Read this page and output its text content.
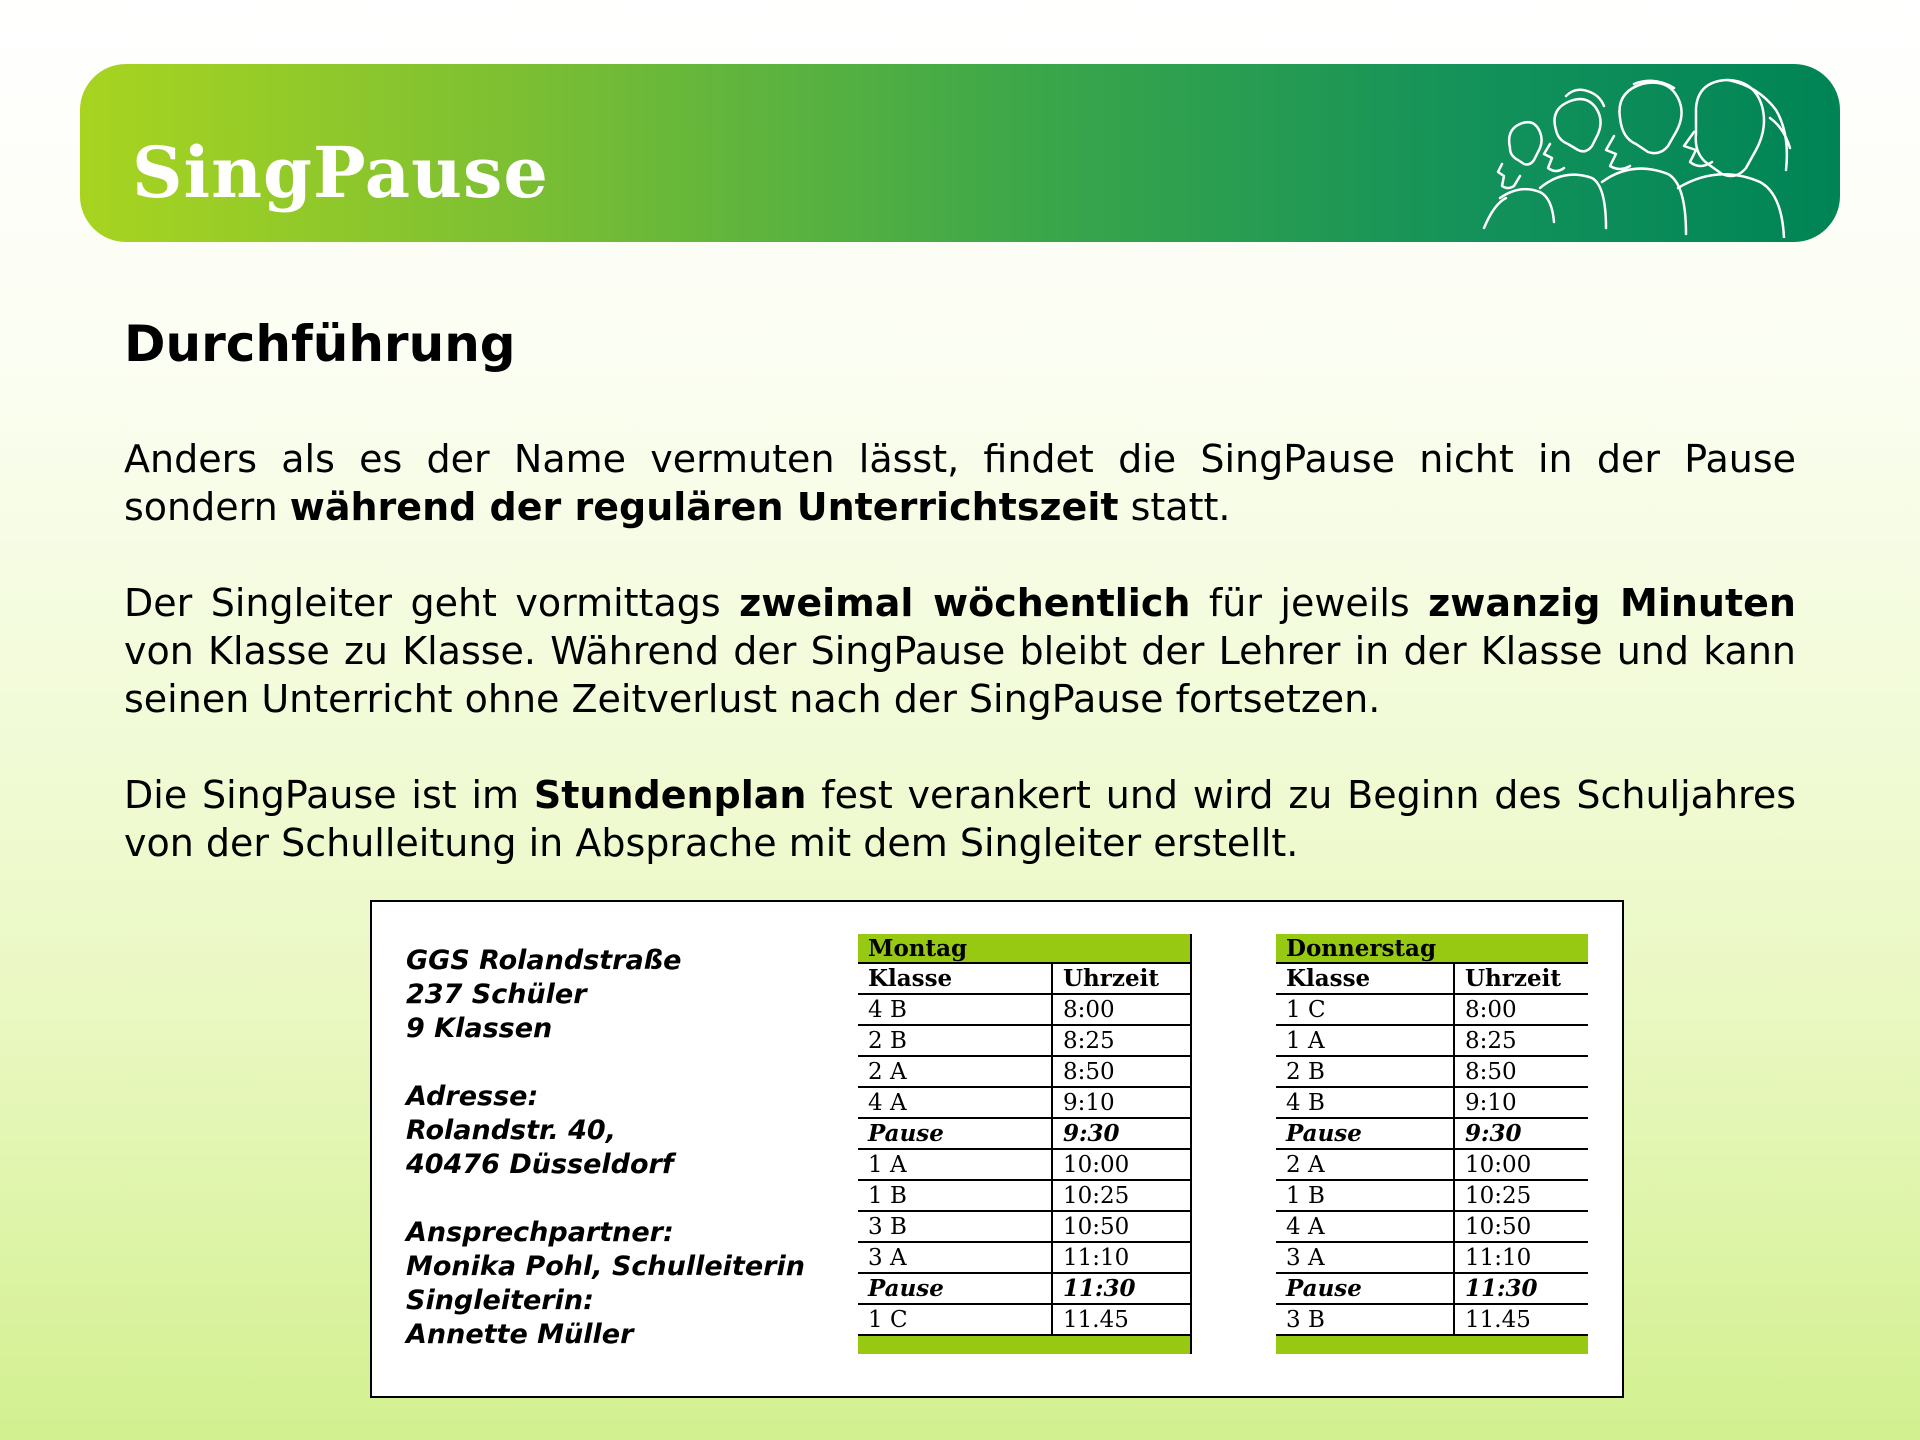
SingPause
Durchführung

Anders als es der Name vermuten lässt, findet die SingPause nicht in der Pause sondern während der regulären Unterrichtszeit statt.

Der Singleiter geht vormittags zweimal wöchentlich für jeweils zwanzig Minuten von Klasse zu Klasse. Während der SingPause bleibt der Lehrer in der Klasse und kann seinen Unterricht ohne Zeitverlust nach der SingPause fortsetzen.

Die SingPause ist im Stundenplan fest verankert und wird zu Beginn des Schuljahres von der Schulleitung in Absprache mit dem Singleiter erstellt.

GGS Rolandstraße
237 Schüler
9 Klassen
Adresse:
Rolandstr. 40,
40476 Düsseldorf
Ansprechpartner:
Monika Pohl, Schulleiterin
Singleiterin:
Annette Müller
Montag	
Klasse	Uhrzeit
4 B	8:00
2 B	8:25
2 A	8:50
4 A	9:10
Pause	9:30
1 A	10:00
1 B	10:25
3 B	10:50
3 A	11:10
Pause	11:30
1 C	11.45

Donnerstag	
Klasse	Uhrzeit
1 C	8:00
1 A	8:25
2 B	8:50
4 B	9:10
Pause	9:30
2 A	10:00
1 B	10:25
4 A	10:50
3 A	11:10
Pause	11:30
3 B	11.45
